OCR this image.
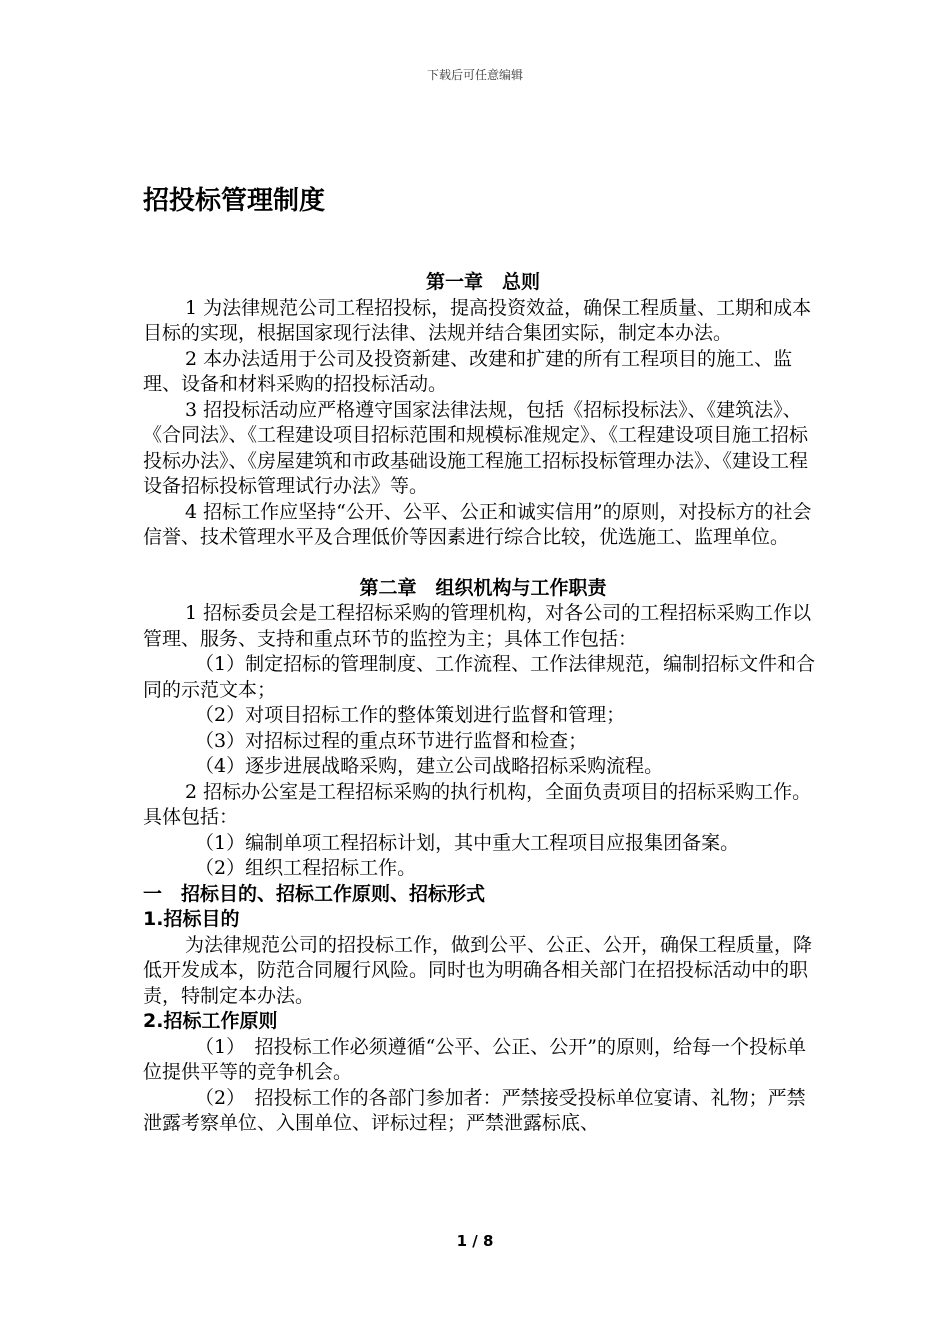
下载后可任意编辑
招投标管理制度

第一章　总则

1 为法律规范公司工程招投标，提高投资效益，确保工程质量、工期和成本目标的实现，根据国家现行法律、法规并结合集团实际，制定本办法。

2 本办法适用于公司及投资新建、改建和扩建的所有工程项目的施工、监理、设备和材料采购的招投标活动。

3 招投标活动应严格遵守国家法律法规，包括《招标投标法》、《建筑法》、《合同法》、《工程建设项目招标范围和规模标准规定》、《工程建设项目施工招标投标办法》、《房屋建筑和市政基础设施工程施工招标投标管理办法》、《建设工程设备招标投标管理试行办法》等。

4 招标工作应坚持“公开、公平、公正和诚实信用”的原则，对投标方的社会信誉、技术管理水平及合理低价等因素进行综合比较，优选施工、监理单位。

第二章　组织机构与工作职责

1 招标委员会是工程招标采购的管理机构，对各公司的工程招标采购工作以管理、服务、支持和重点环节的监控为主；具体工作包括：

（1）制定招标的管理制度、工作流程、工作法律规范，编制招标文件和合同的示范文本；

（2）对项目招标工作的整体策划进行监督和管理；

（3）对招标过程的重点环节进行监督和检查；

（4）逐步进展战略采购，建立公司战略招标采购流程。

2 招标办公室是工程招标采购的执行机构，全面负责项目的招标采购工作。具体包括：

（1）编制单项工程招标计划，其中重大工程项目应报集团备案。

（2）组织工程招标工作。

一　招标目的、招标工作原则、招标形式

1.招标目的

为法律规范公司的招投标工作，做到公平、公正、公开，确保工程质量，降低开发成本，防范合同履行风险。同时也为明确各相关部门在招投标活动中的职责，特制定本办法。

2.招标工作原则

（1）　招投标工作必须遵循“公平、公正、公开”的原则，给每一个投标单位提供平等的竞争机会。

（2）　招投标工作的各部门参加者：严禁接受投标单位宴请、礼物；严禁泄露考察单位、入围单位、评标过程；严禁泄露标底、

1 / 8
